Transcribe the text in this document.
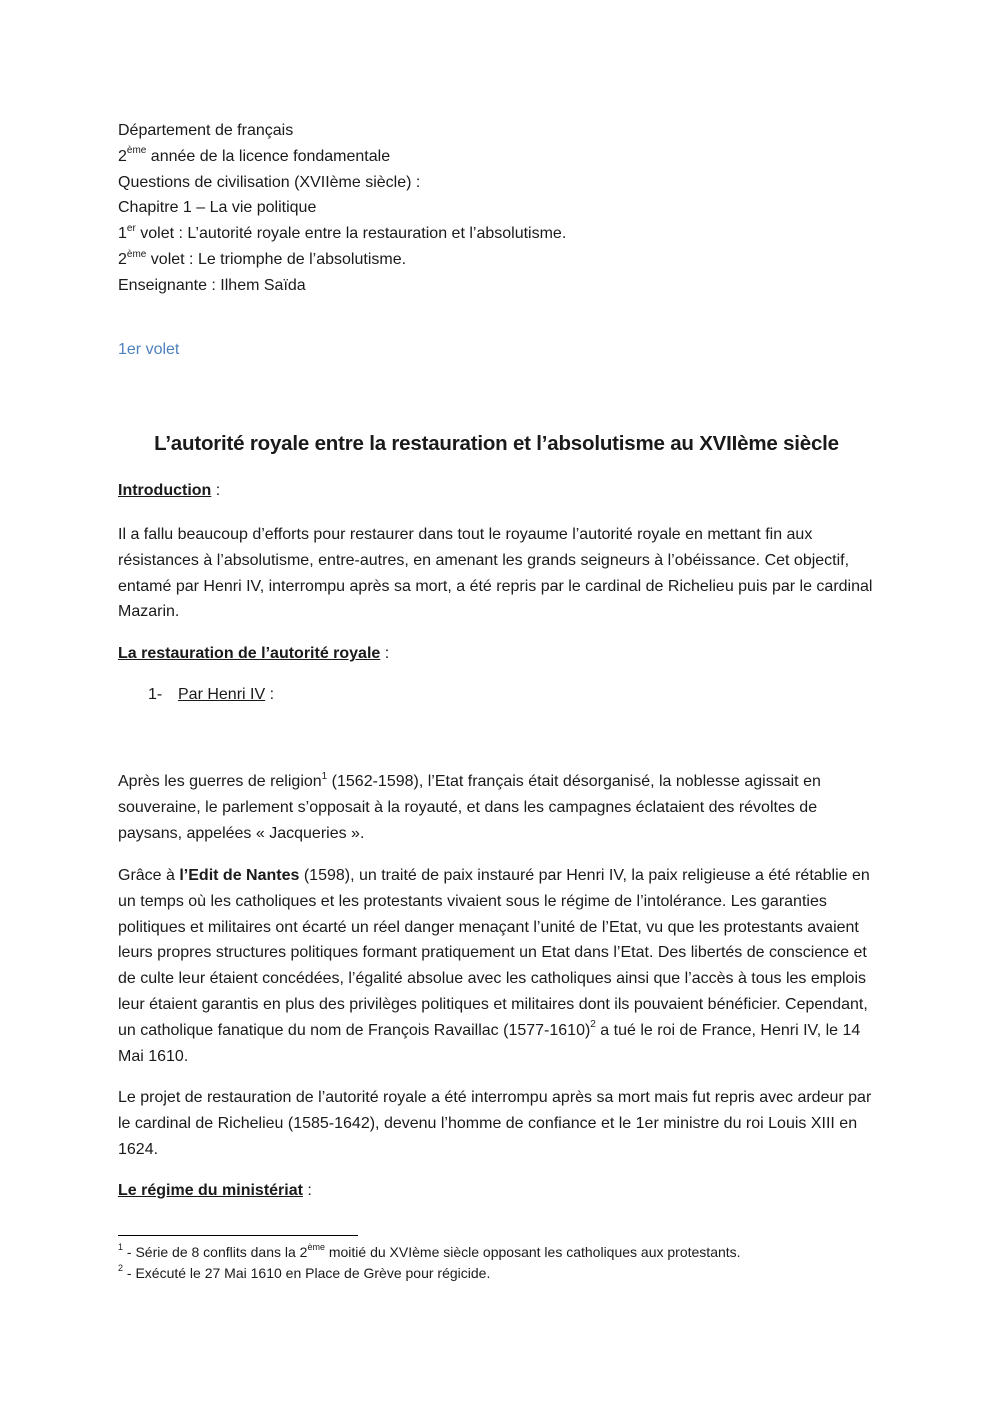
Département de français
2ème année de la licence fondamentale
Questions de civilisation (XVIIème siècle) :
Chapitre 1 – La vie politique
1er volet : L’autorité royale entre la restauration et l’absolutisme.
2ème volet : Le triomphe de l’absolutisme.
Enseignante : Ilhem Saïda
1er volet
L’autorité royale entre la restauration et l’absolutisme au XVIIème siècle
Introduction :
Il a fallu beaucoup d’efforts pour restaurer dans tout le royaume l’autorité royale en mettant fin aux résistances à l’absolutisme, entre-autres, en amenant les grands seigneurs à l’obéissance. Cet objectif, entamé par Henri IV, interrompu après sa mort, a été repris par le cardinal de Richelieu puis par le cardinal Mazarin.
La restauration de l’autorité royale :
1- Par Henri IV :
Après les guerres de religion$^1$ (1562-1598), l’Etat français était désorganisé, la noblesse agissait en souveraine, le parlement s’opposait à la royauté, et dans les campagnes éclataient des révoltes de paysans, appelées « Jacqueries ».
Grâce à l’Edit de Nantes (1598), un traité de paix instauré par Henri IV, la paix religieuse a été rétablie en un temps où les catholiques et les protestants vivaient sous le régime de l’intolérance. Les garanties politiques et militaires ont écarté un réel danger menaçant l’unité de l’Etat, vu que les protestants avaient leurs propres structures politiques formant pratiquement un Etat dans l’Etat. Des libertés de conscience et de culte leur étaient concédées, l’égalité absolue avec les catholiques ainsi que l’accès à tous les emplois leur étaient garantis en plus des privilèges politiques et militaires dont ils pouvaient bénéficier. Cependant, un catholique fanatique du nom de François Ravaillac (1577-1610)$^2$ a tué le roi de France, Henri IV, le 14 Mai 1610.
Le projet de restauration de l’autorité royale a été interrompu après sa mort mais fut repris avec ardeur par le cardinal de Richelieu (1585-1642), devenu l’homme de confiance et le 1er ministre du roi Louis XIII en 1624.
Le régime du ministériat :
$^1$ - Série de 8 conflits dans la 2ème moitié du XVIème siècle opposant les catholiques aux protestants.
$^2$ - Exécuté le 27 Mai 1610 en Place de Grève pour régicide.
